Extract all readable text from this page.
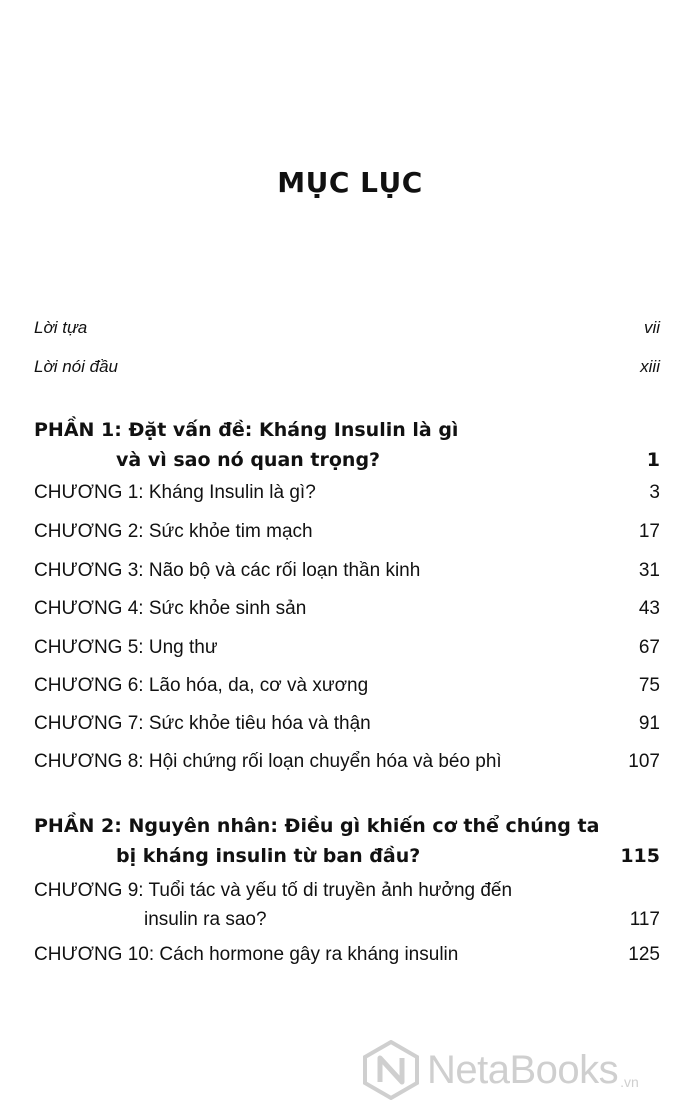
MỤC LỤC
Lời tựa	vii
Lời nói đầu	xiii
PHẦN 1: Đặt vấn đề: Kháng Insulin là gì
và vì sao nó quan trọng?	1
CHƯƠNG 1: Kháng Insulin là gì?	3
CHƯƠNG 2: Sức khỏe tim mạch	17
CHƯƠNG 3: Não bộ và các rối loạn thần kinh	31
CHƯƠNG 4: Sức khỏe sinh sản	43
CHƯƠNG 5: Ung thư	67
CHƯƠNG 6: Lão hóa, da, cơ và xương	75
CHƯƠNG 7: Sức khỏe tiêu hóa và thận	91
CHƯƠNG 8: Hội chứng rối loạn chuyển hóa và béo phì	107
PHẦN 2: Nguyên nhân: Điều gì khiến cơ thể chúng ta
bị kháng insulin từ ban đầu?	115
CHƯƠNG 9: Tuổi tác và yếu tố di truyền ảnh hưởng đến
insulin ra sao?	117
CHƯƠNG 10: Cách hormone gây ra kháng insulin	125
NetaBooks .vn
